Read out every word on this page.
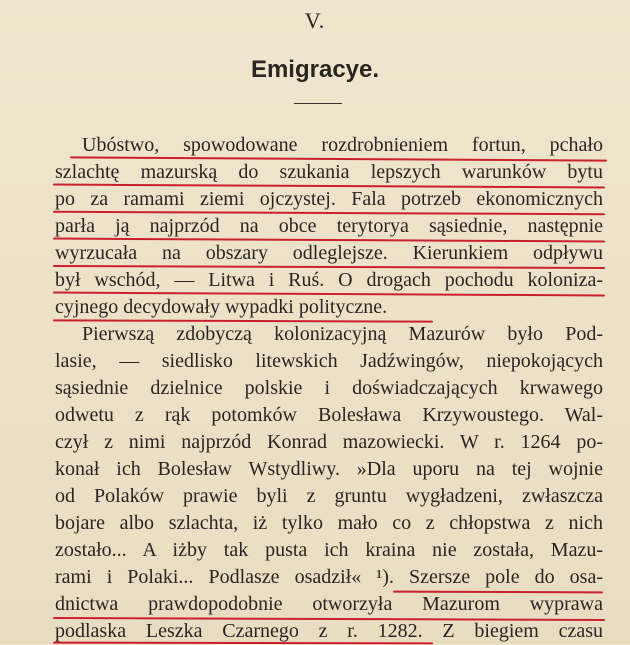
V.
Emigracye.
Ubóstwo, spowodowane rozdrobnieniem fortun, pchało
szlachtę mazurską do szukania lepszych warunków bytu
po za ramami ziemi ojczystej. Fala potrzeb ekonomicznych
parła ją najprzód na obce terytorya sąsiednie, następnie
wyrzucała na obszary odleglejsze. Kierunkiem odpływu
był wschód, — Litwa i Ruś. O drogach pochodu koloniza-
cyjnego decydowały wypadki polityczne.
Pierwszą zdobyczą kolonizacyjną Mazurów było Pod-
lasie, — siedlisko litewskich Jadźwingów, niepokojących
sąsiednie dzielnice polskie i doświadczających krwawego
odwetu z rąk potomków Bolesława Krzywoustego. Wal-
czył z nimi najprzód Konrad mazowiecki. W r. 1264 po-
konał ich Bolesław Wstydliwy. »Dla uporu na tej wojnie
od Polaków prawie byli z gruntu wygładzeni, zwłaszcza
bojare albo szlachta, iż tylko mało co z chłopstwa z nich
zostało... A iżby tak pusta ich kraina nie została, Mazu-
rami i Polaki... Podlasze osadził« ¹). Szersze pole do osa-
dnictwa prawdopodobnie otworzyła Mazurom wyprawa
podlaska Leszka Czarnego z r. 1282. Z biegiem czasu
